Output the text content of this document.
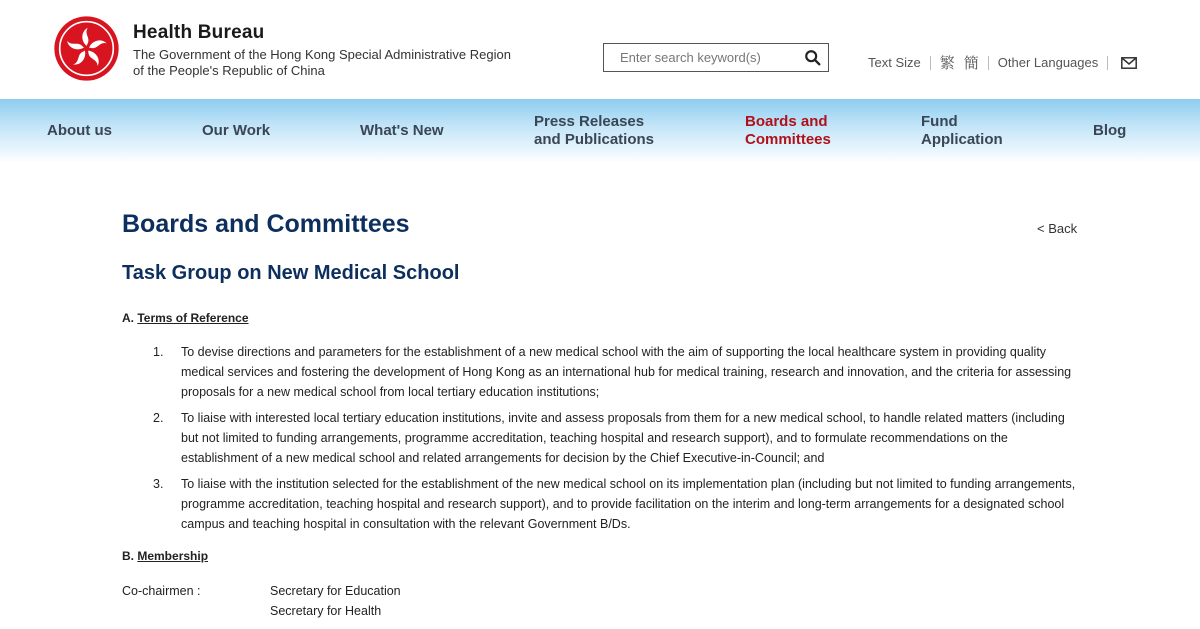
Health Bureau
The Government of the Hong Kong Special Administrative Region
of the People's Republic of China
Enter search keyword(s)
Text Size 繁 簡 Other Languages
About us	Our Work	What's New
Press Releases
and Publications
Boards and
Committees
Fund
Application
Blog
Boards and Committees	< Back
Task Group on New Medical School
A. Terms of Reference
1.	To devise directions and parameters for the establishment of a new medical school with the aim of supporting the local healthcare system in providing quality medical services and fostering the development of Hong Kong as an international hub for medical training, research and innovation, and the criteria for assessing proposals for a new medical school from local tertiary education institutions;
2.	To liaise with interested local tertiary education institutions, invite and assess proposals from them for a new medical school, to handle related matters (including but not limited to funding arrangements, programme accreditation, teaching hospital and research support), and to formulate recommendations on the establishment of a new medical school and related arrangements for decision by the Chief Executive-in-Council; and
3.	To liaise with the institution selected for the establishment of the new medical school on its implementation plan (including but not limited to funding arrangements, programme accreditation, teaching hospital and research support), and to provide facilitation on the interim and long-term arrangements for a designated school campus and teaching hospital in consultation with the relevant Government B/Ds.
B. Membership
Co-chairmen :	Secretary for Education
Secretary for Health
